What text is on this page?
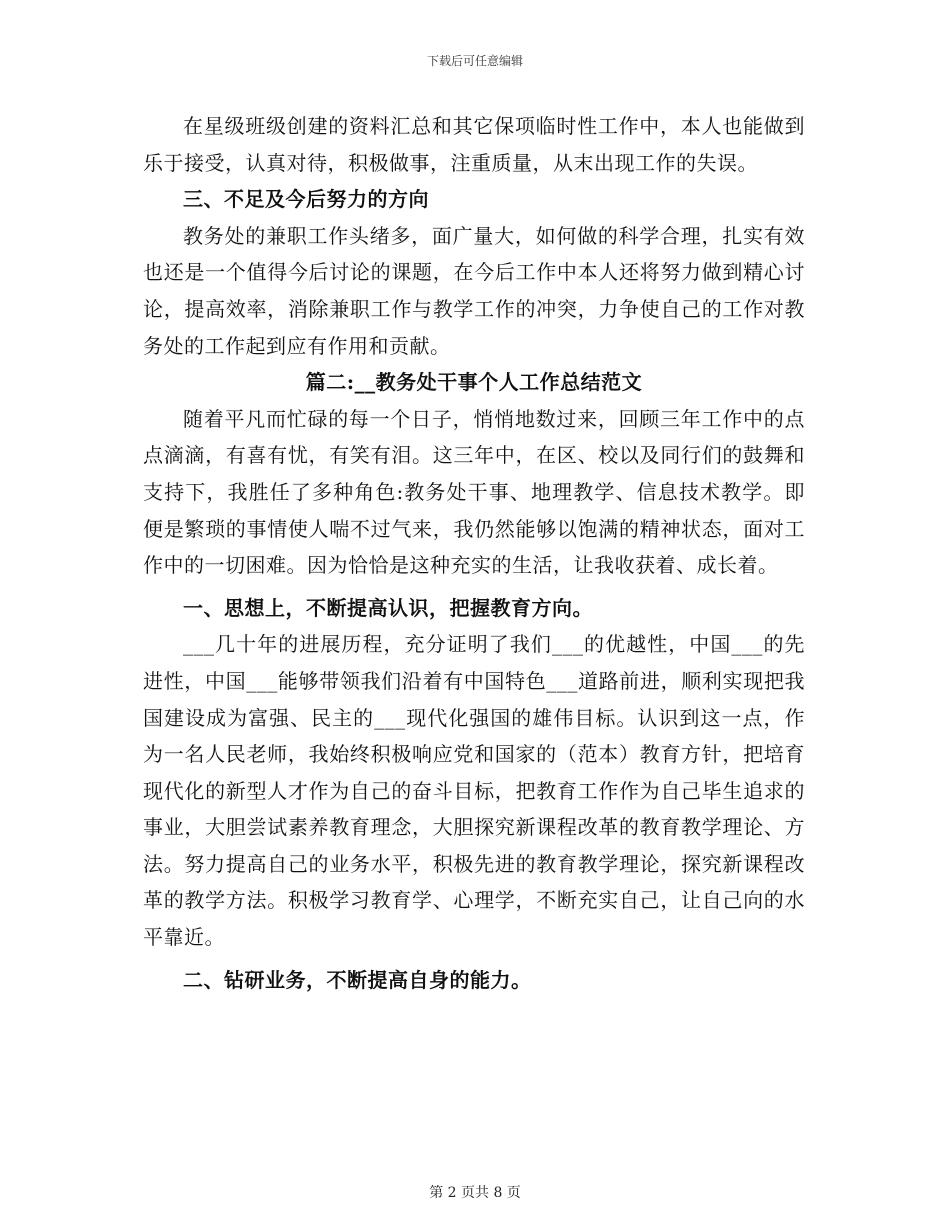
下载后可任意编辑

在星级班级创建的资料汇总和其它保项临时性工作中，本人也能做到乐于接受，认真对待，积极做事，注重质量，从末出现工作的失误。

三、不足及今后努力的方向

教务处的兼职工作头绪多，面广量大，如何做的科学合理，扎实有效也还是一个值得今后讨论的课题，在今后工作中本人还将努力做到精心讨论，提高效率，消除兼职工作与教学工作的冲突，力争使自己的工作对教务处的工作起到应有作用和贡献。

篇二:__教务处干事个人工作总结范文

随着平凡而忙碌的每一个日子，悄悄地数过来，回顾三年工作中的点点滴滴，有喜有忧，有笑有泪。这三年中，在区、校以及同行们的鼓舞和支持下，我胜任了多种角色:教务处干事、地理教学、信息技术教学。即便是繁琐的事情使人喘不过气来，我仍然能够以饱满的精神状态，面对工作中的一切困难。因为恰恰是这种充实的生活，让我收获着、成长着。

一、思想上，不断提高认识，把握教育方向。

___几十年的进展历程，充分证明了我们___的优越性，中国___的先进性，中国___能够带领我们沿着有中国特色___道路前进，顺利实现把我国建设成为富强、民主的___现代化强国的雄伟目标。认识到这一点，作为一名人民老师，我始终积极响应党和国家的（范本）教育方针，把培育现代化的新型人才作为自己的奋斗目标，把教育工作作为自己毕生追求的事业，大胆尝试素养教育理念，大胆探究新课程改革的教育教学理论、方法。努力提高自己的业务水平，积极先进的教育教学理论，探究新课程改革的教学方法。积极学习教育学、心理学，不断充实自己，让自己向的水平靠近。

二、钻研业务，不断提高自身的能力。

第 2 页共 8 页
